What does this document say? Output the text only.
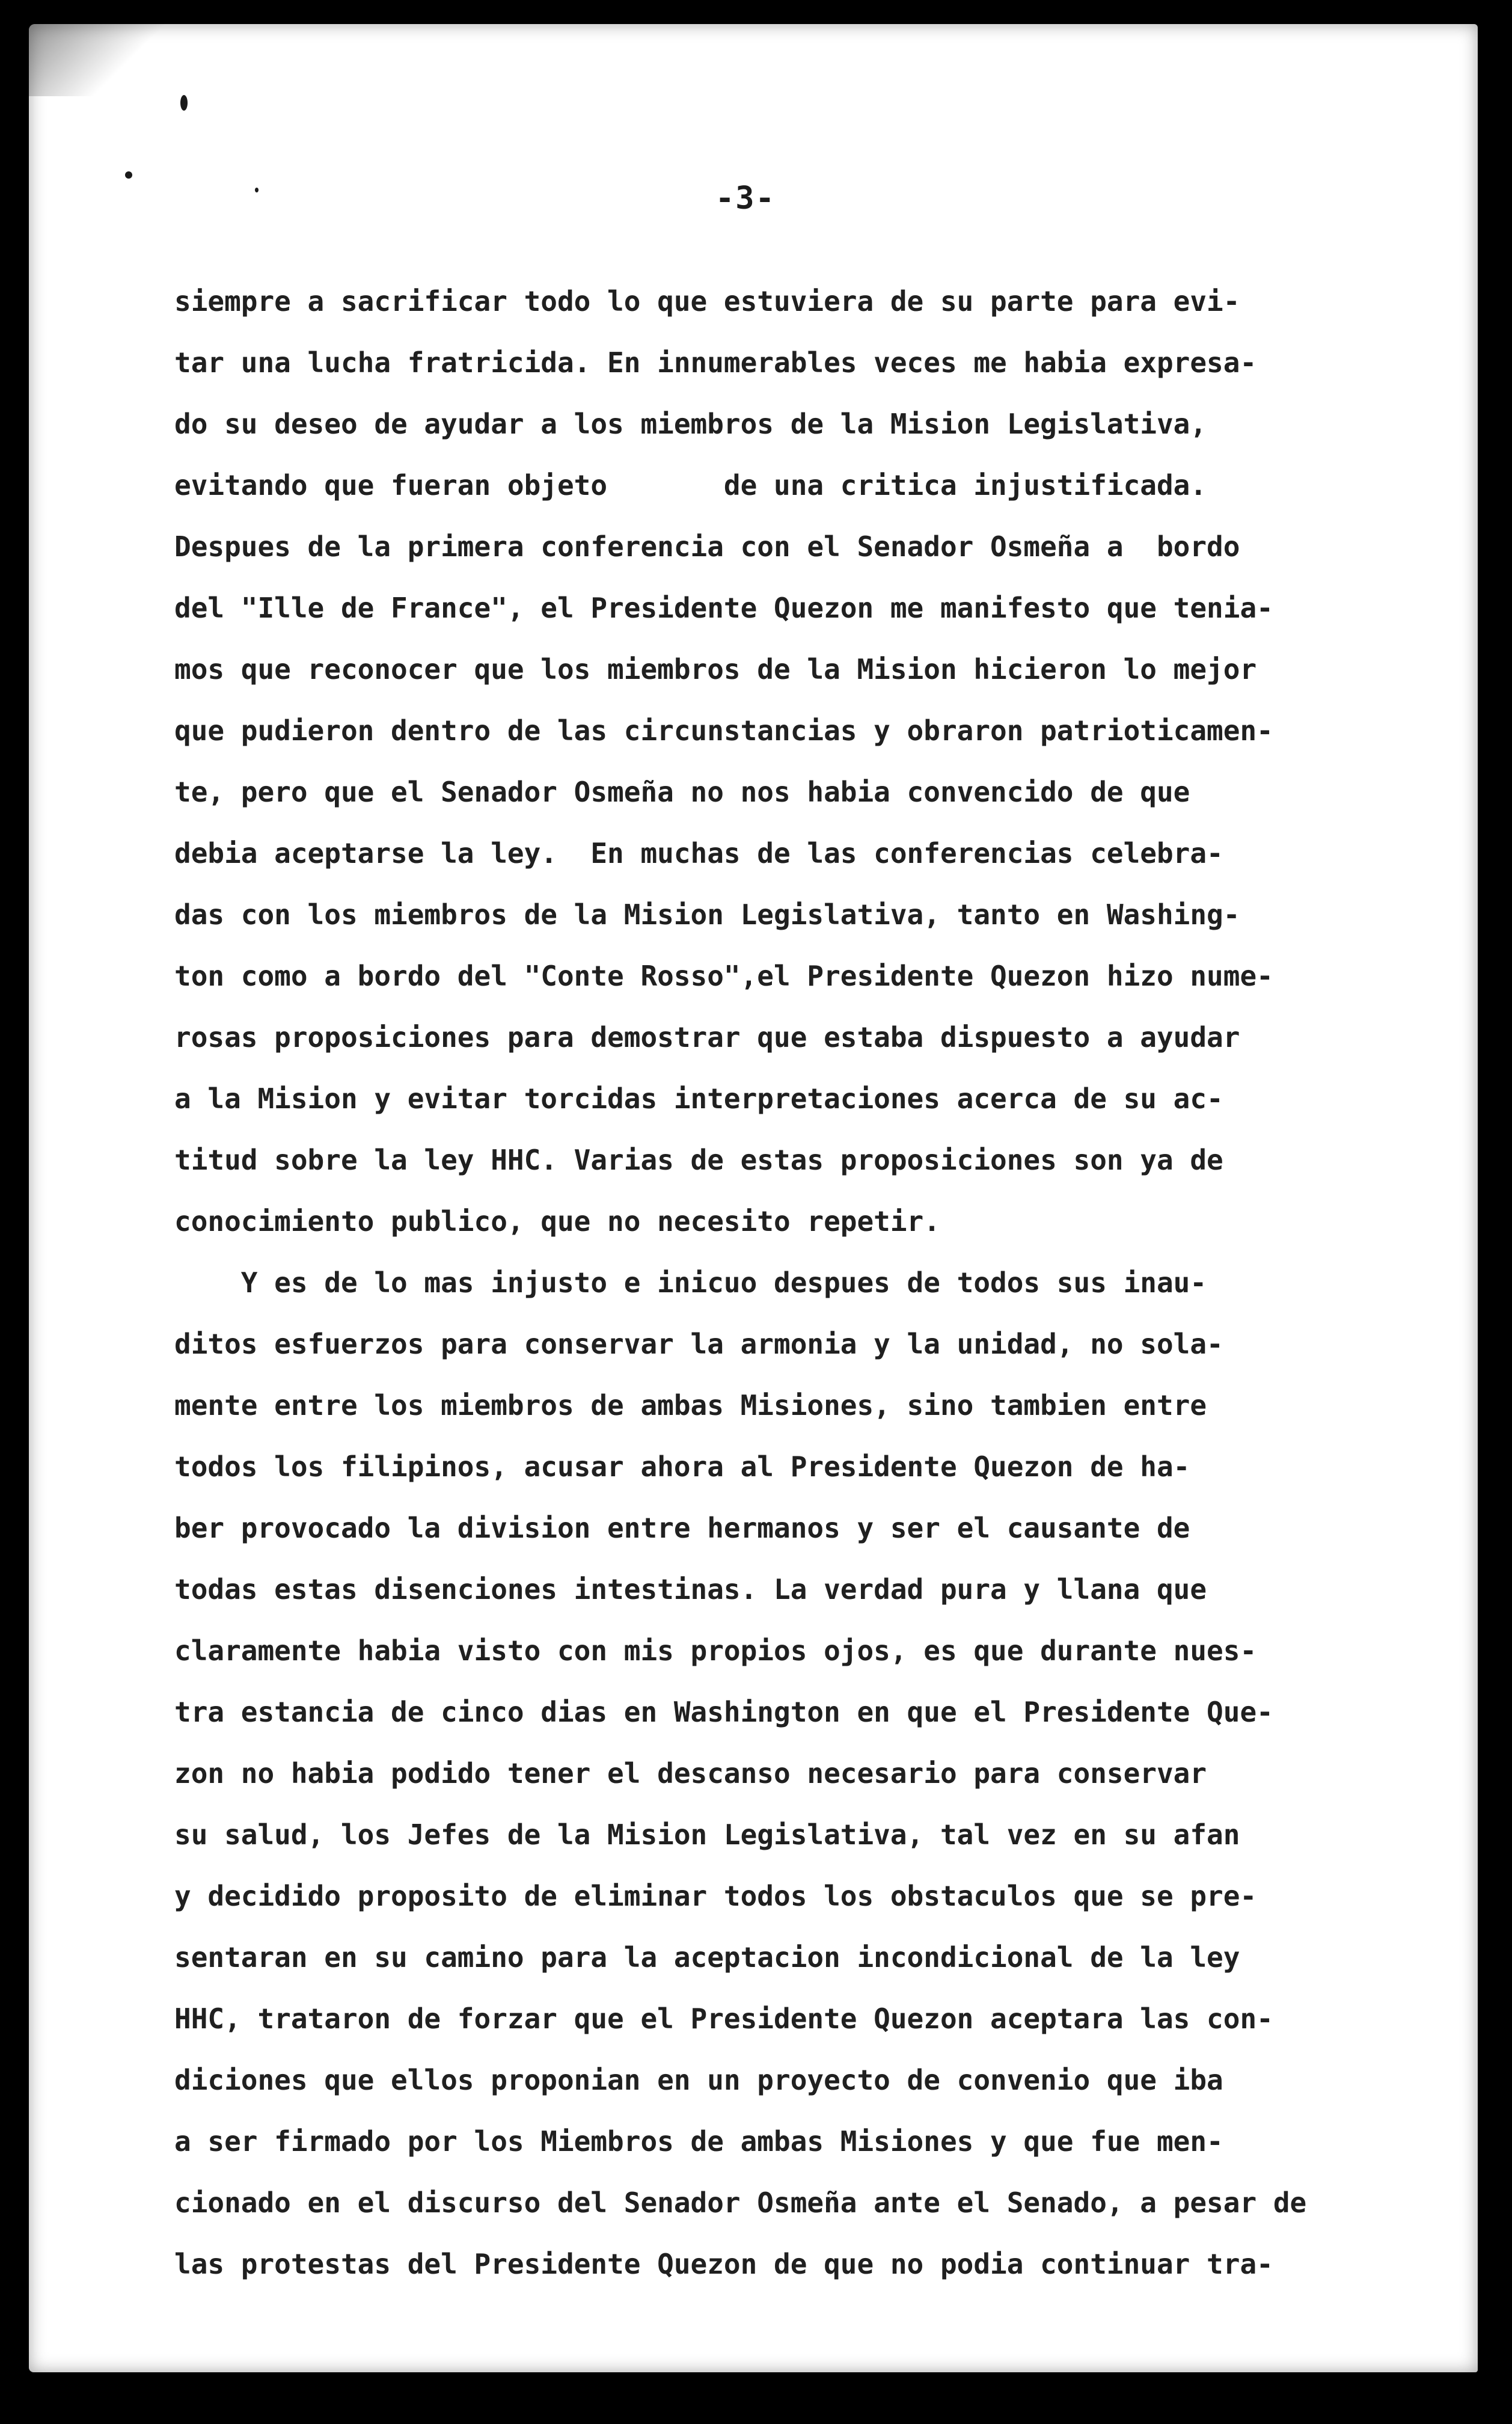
-3-
siempre a sacrificar todo lo que estuviera de su parte para evi-
tar una lucha fratricida. En innumerables veces me habia expresa-
do su deseo de ayudar a los miembros de la Mision Legislativa,
evitando que fueran objeto       de una critica injustificada.
Despues de la primera conferencia con el Senador Osmeña a  bordo
del "Ille de France", el Presidente Quezon me manifesto que tenia-
mos que reconocer que los miembros de la Mision hicieron lo mejor
que pudieron dentro de las circunstancias y obraron patrioticamen-
te, pero que el Senador Osmeña no nos habia convencido de que
debia aceptarse la ley.  En muchas de las conferencias celebra-
das con los miembros de la Mision Legislativa, tanto en Washing-
ton como a bordo del "Conte Rosso",el Presidente Quezon hizo nume-
rosas proposiciones para demostrar que estaba dispuesto a ayudar
a la Mision y evitar torcidas interpretaciones acerca de su ac-
titud sobre la ley HHC. Varias de estas proposiciones son ya de
conocimiento publico, que no necesito repetir.
Y es de lo mas injusto e inicuo despues de todos sus inau-
ditos esfuerzos para conservar la armonia y la unidad, no sola-
mente entre los miembros de ambas Misiones, sino tambien entre
todos los filipinos, acusar ahora al Presidente Quezon de ha-
ber provocado la division entre hermanos y ser el causante de
todas estas disenciones intestinas. La verdad pura y llana que
claramente habia visto con mis propios ojos, es que durante nues-
tra estancia de cinco dias en Washington en que el Presidente Que-
zon no habia podido tener el descanso necesario para conservar
su salud, los Jefes de la Mision Legislativa, tal vez en su afan
y decidido proposito de eliminar todos los obstaculos que se pre-
sentaran en su camino para la aceptacion incondicional de la ley
HHC, trataron de forzar que el Presidente Quezon aceptara las con-
diciones que ellos proponian en un proyecto de convenio que iba
a ser firmado por los Miembros de ambas Misiones y que fue men-
cionado en el discurso del Senador Osmeña ante el Senado, a pesar de
las protestas del Presidente Quezon de que no podia continuar tra-
